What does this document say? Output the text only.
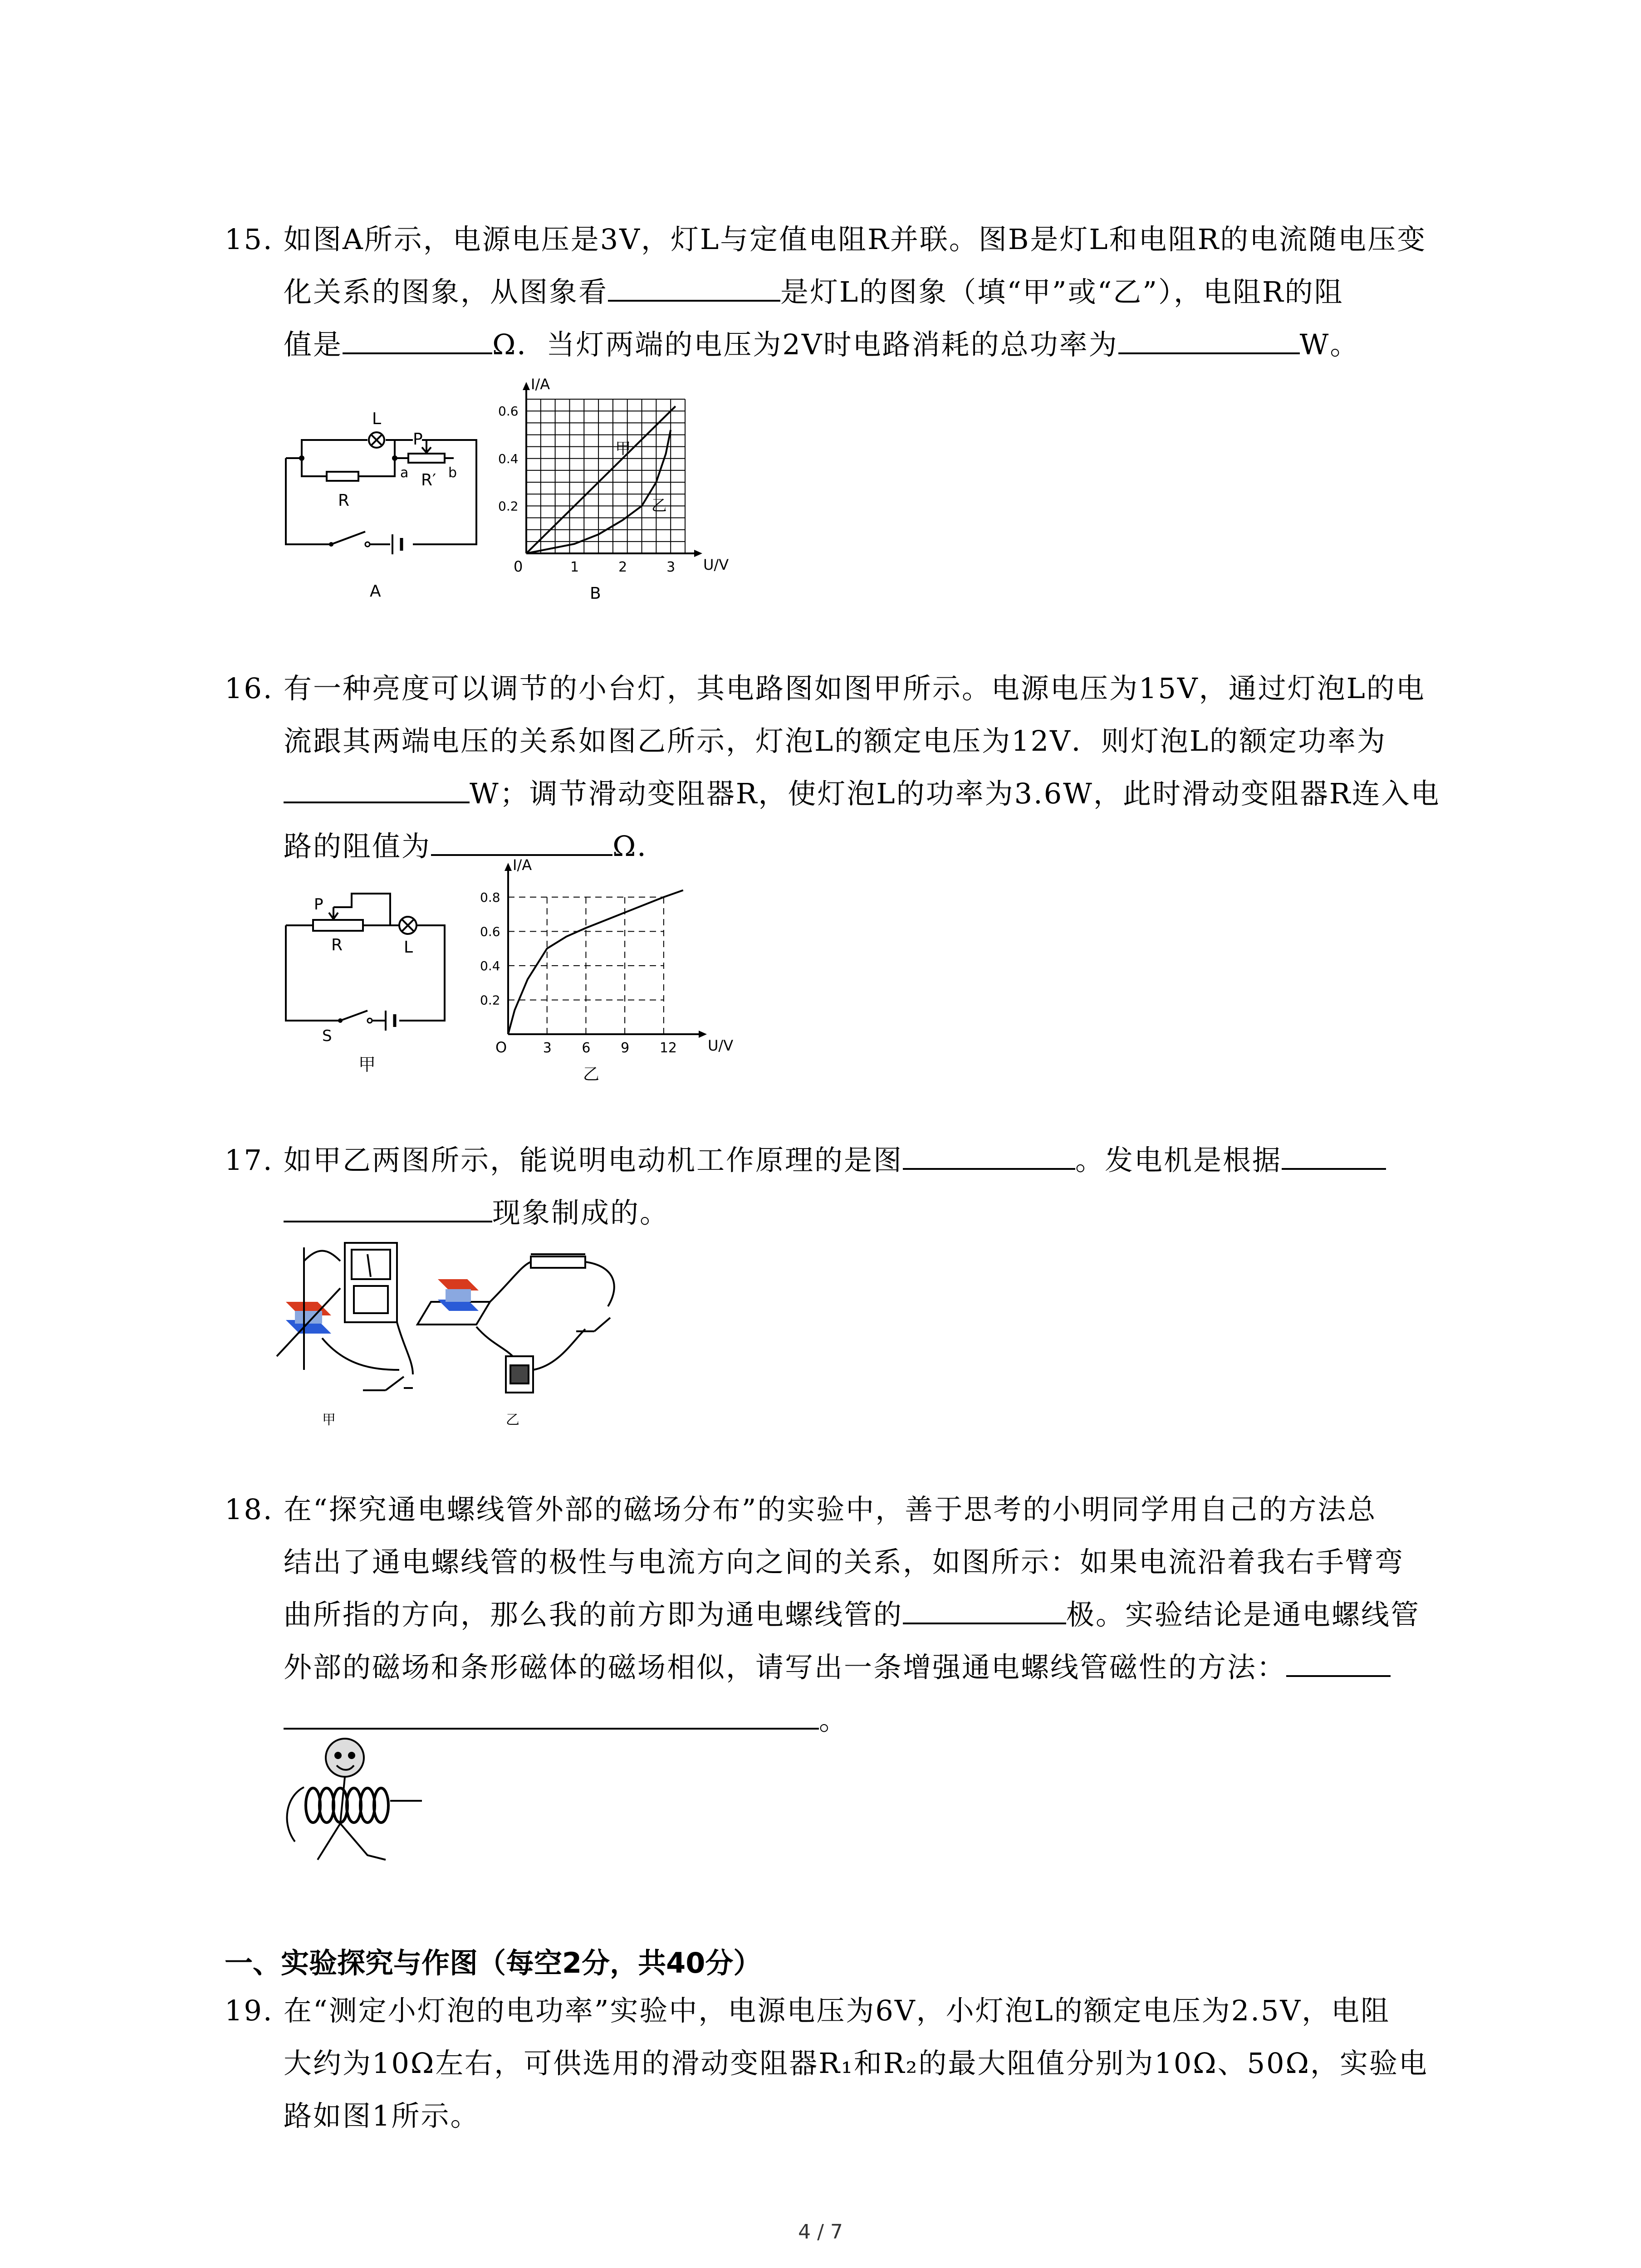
15. 如图A所示，电源电压是3V，灯L与定值电阻R并联。图B是灯L和电阻R的电流随电压变
化关系的图象，从图象看	是灯L的图象（填“甲”或“乙”），电阻R的阻
值是	Ω．当灯两端的电压为2V时电路消耗的总功率为	W。
L
P
a	b
R′
R
A
I/A
U/V
0	1	2	3
0.2
0.4
0.6
甲
乙
B
16. 有一种亮度可以调节的小台灯，其电路图如图甲所示。电源电压为15V，通过灯泡L的电
流跟其两端电压的关系如图乙所示，灯泡L的额定电压为12V．则灯泡L的额定功率为
W；调节滑动变阻器R，使灯泡L的功率为3.6W，此时滑动变阻器R连入电
路的阻值为	Ω．
P
R	L
S
甲
I/A
U/V
O	3 6 9 12
0.2
0.4
0.6
0.8
乙
17. 如甲乙两图所示，能说明电动机工作原理的是图	。发电机是根据
现象制成的。
甲	乙
18. 在“探究通电螺线管外部的磁场分布”的实验中，善于思考的小明同学用自己的方法总
结出了通电螺线管的极性与电流方向之间的关系，如图所示：如果电流沿着我右手臂弯
曲所指的方向，那么我的前方即为通电螺线管的	极。实验结论是通电螺线管
外部的磁场和条形磁体的磁场相似，请写出一条增强通电螺线管磁性的方法：
。
一、实验探究与作图（每空2分，共40分）
19. 在“测定小灯泡的电功率”实验中，电源电压为6V，小灯泡L的额定电压为2.5V，电阻
大约为10Ω左右，可供选用的滑动变阻器R₁和R₂的最大阻值分别为10Ω、50Ω，实验电
路如图1所示。
4 / 7
